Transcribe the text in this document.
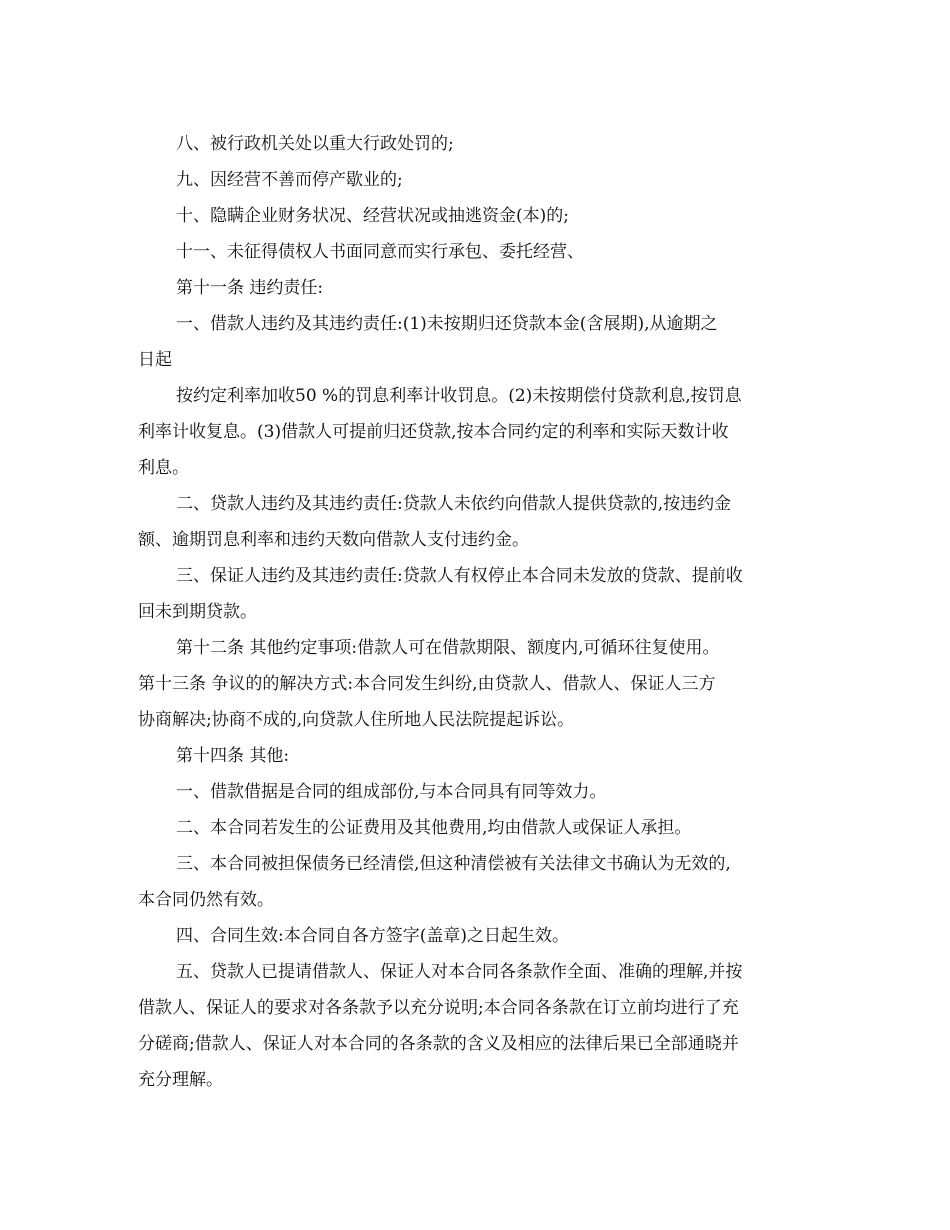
八、被行政机关处以重大行政处罚的;

九、因经营不善而停产歇业的;

十、隐瞒企业财务状况、经营状况或抽逃资金(本)的;

十一、未征得债权人书面同意而实行承包、委托经营、

第十一条 违约责任:

一、借款人违约及其违约责任:(1)未按期归还贷款本金(含展期),从逾期之

日起

按约定利率加收50 %的罚息利率计收罚息。(2)未按期偿付贷款利息,按罚息

利率计收复息。(3)借款人可提前归还贷款,按本合同约定的利率和实际天数计收

利息。

二、贷款人违约及其违约责任:贷款人未依约向借款人提供贷款的,按违约金

额、逾期罚息利率和违约天数向借款人支付违约金。

三、保证人违约及其违约责任:贷款人有权停止本合同未发放的贷款、提前收

回未到期贷款。

第十二条 其他约定事项:借款人可在借款期限、额度内,可循环往复使用。

第十三条 争议的的解决方式:本合同发生纠纷,由贷款人、借款人、保证人三方

协商解决;协商不成的,向贷款人住所地人民法院提起诉讼。

第十四条 其他:

一、借款借据是合同的组成部份,与本合同具有同等效力。

二、本合同若发生的公证费用及其他费用,均由借款人或保证人承担。

三、本合同被担保债务已经清偿,但这种清偿被有关法律文书确认为无效的,

本合同仍然有效。

四、合同生效:本合同自各方签字(盖章)之日起生效。

五、贷款人已提请借款人、保证人对本合同各条款作全面、准确的理解,并按

借款人、保证人的要求对各条款予以充分说明;本合同各条款在订立前均进行了充

分磋商;借款人、保证人对本合同的各条款的含义及相应的法律后果已全部通晓并

充分理解。
